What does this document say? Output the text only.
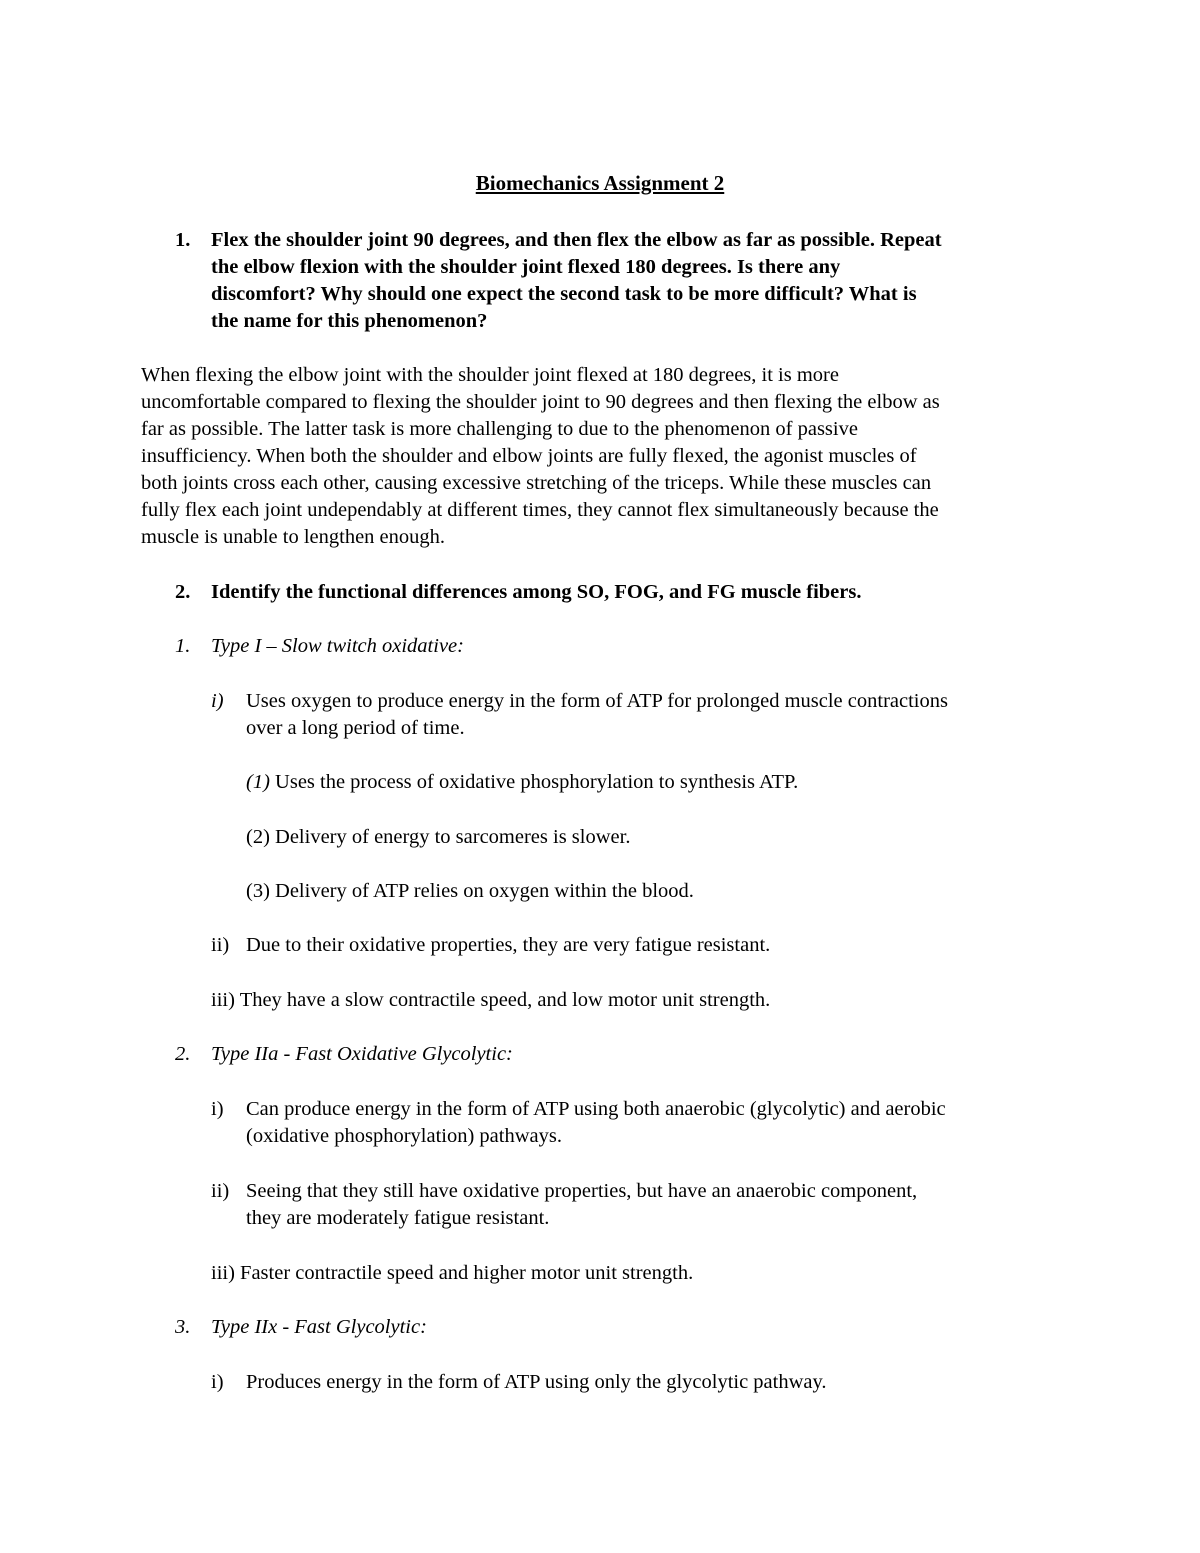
Biomechanics Assignment 2
1. Flex the shoulder joint 90 degrees, and then flex the elbow as far as possible. Repeat
the elbow flexion with the shoulder joint flexed 180 degrees. Is there any
discomfort? Why should one expect the second task to be more difficult? What is
the name for this phenomenon?
When flexing the elbow joint with the shoulder joint flexed at 180 degrees, it is more
uncomfortable compared to flexing the shoulder joint to 90 degrees and then flexing the elbow as
far as possible. The latter task is more challenging to due to the phenomenon of passive
insufficiency. When both the shoulder and elbow joints are fully flexed, the agonist muscles of
both joints cross each other, causing excessive stretching of the triceps. While these muscles can
fully flex each joint undependably at different times, they cannot flex simultaneously because the
muscle is unable to lengthen enough.
2. Identify the functional differences among SO, FOG, and FG muscle fibers.
1. Type I – Slow twitch oxidative:
i) Uses oxygen to produce energy in the form of ATP for prolonged muscle contractions
over a long period of time.
(1) Uses the process of oxidative phosphorylation to synthesis ATP.
(2) Delivery of energy to sarcomeres is slower.
(3) Delivery of ATP relies on oxygen within the blood.
ii) Due to their oxidative properties, they are very fatigue resistant.
iii) They have a slow contractile speed, and low motor unit strength.
2. Type IIa - Fast Oxidative Glycolytic:
i) Can produce energy in the form of ATP using both anaerobic (glycolytic) and aerobic
(oxidative phosphorylation) pathways.
ii) Seeing that they still have oxidative properties, but have an anaerobic component,
they are moderately fatigue resistant.
iii) Faster contractile speed and higher motor unit strength.
3. Type IIx - Fast Glycolytic:
i) Produces energy in the form of ATP using only the glycolytic pathway.
